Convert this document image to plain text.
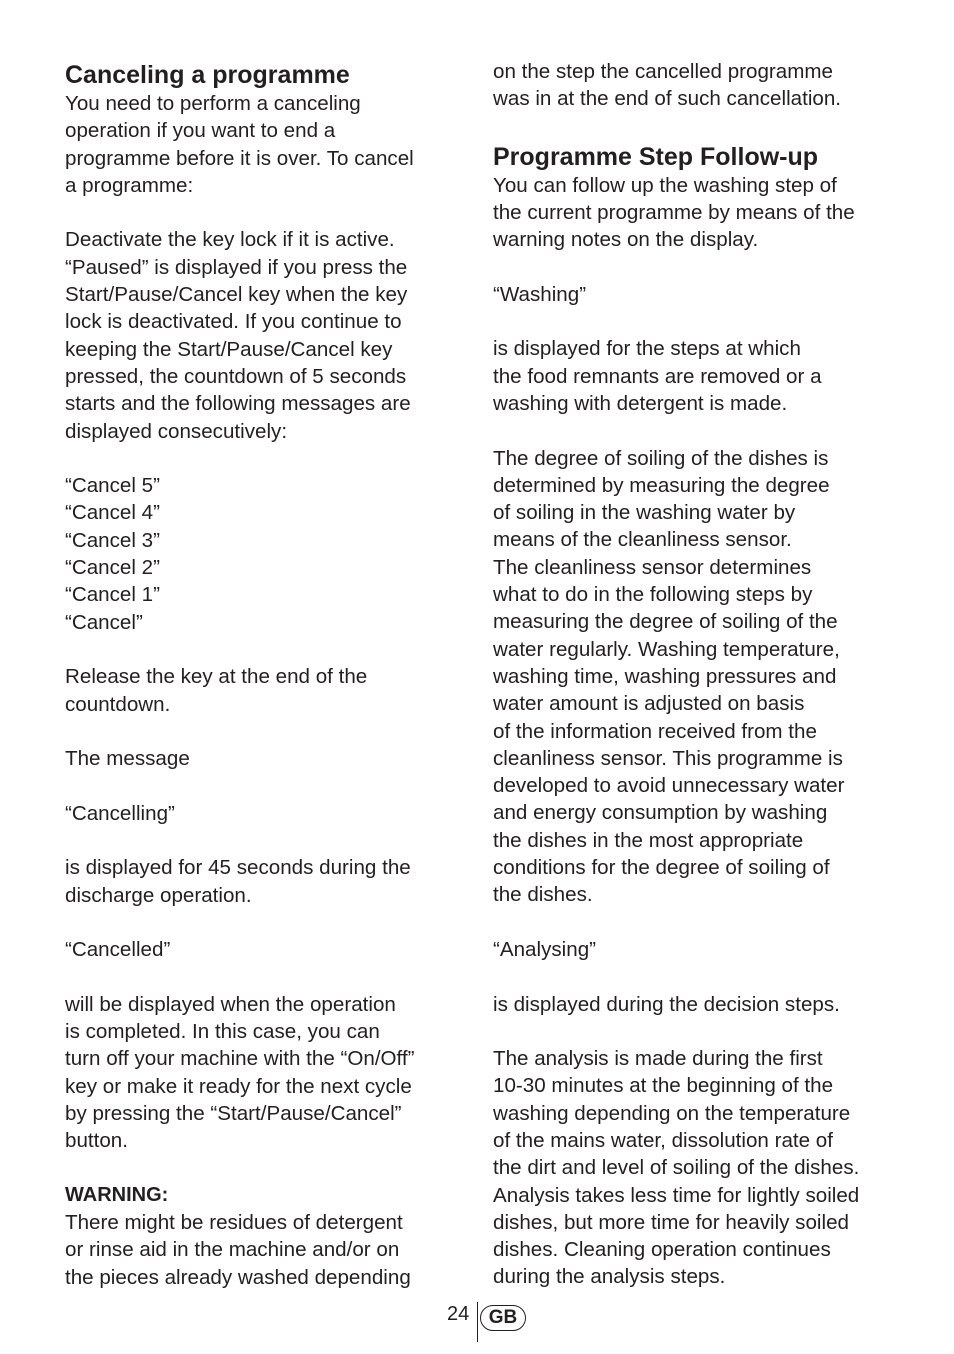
Canceling a programme
You need to perform a canceling
operation if you want to end a
programme before it is over. To cancel
a programme:
Deactivate the key lock if it is active.
“Paused” is displayed if you press the
Start/Pause/Cancel key when the key
lock is deactivated. If you continue to
keeping the Start/Pause/Cancel key
pressed, the countdown of 5 seconds
starts and the following messages are
displayed consecutively:
“Cancel 5”
“Cancel 4”
“Cancel 3”
“Cancel 2”
“Cancel 1”
“Cancel”
Release the key at the end of the
countdown.
The message
“Cancelling”
is displayed for 45 seconds during the
discharge operation.
“Cancelled”
will be displayed when the operation
is completed. In this case, you can
turn off your machine with the “On/Off”
key or make it ready for the next cycle
by pressing the “Start/Pause/Cancel”
button.
WARNING:
There might be residues of detergent
or rinse aid in the machine and/or on
the pieces already washed depending
on the step the cancelled programme
was in at the end of such cancellation.
Programme Step Follow-up
You can follow up the washing step of
the current programme by means of the
warning notes on the display.
“Washing”
is displayed for the steps at which
the food remnants are removed or a
washing with detergent is made.
The degree of soiling of the dishes is
determined by measuring the degree
of soiling in the washing water by
means of the cleanliness sensor.
The cleanliness sensor determines
what to do in the following steps by
measuring the degree of soiling of the
water regularly. Washing temperature,
washing time, washing pressures and
water amount is adjusted on basis
of the information received from the
cleanliness sensor. This programme is
developed to avoid unnecessary water
and energy consumption by washing
the dishes in the most appropriate
conditions for the degree of soiling of
the dishes.
“Analysing”
is displayed during the decision steps.
The analysis is made during the first
10-30 minutes at the beginning of the
washing depending on the temperature
of the mains water, dissolution rate of
the dirt and level of soiling of the dishes.
Analysis takes less time for lightly soiled
dishes, but more time for heavily soiled
dishes. Cleaning operation continues
during the analysis steps.
24	GB
